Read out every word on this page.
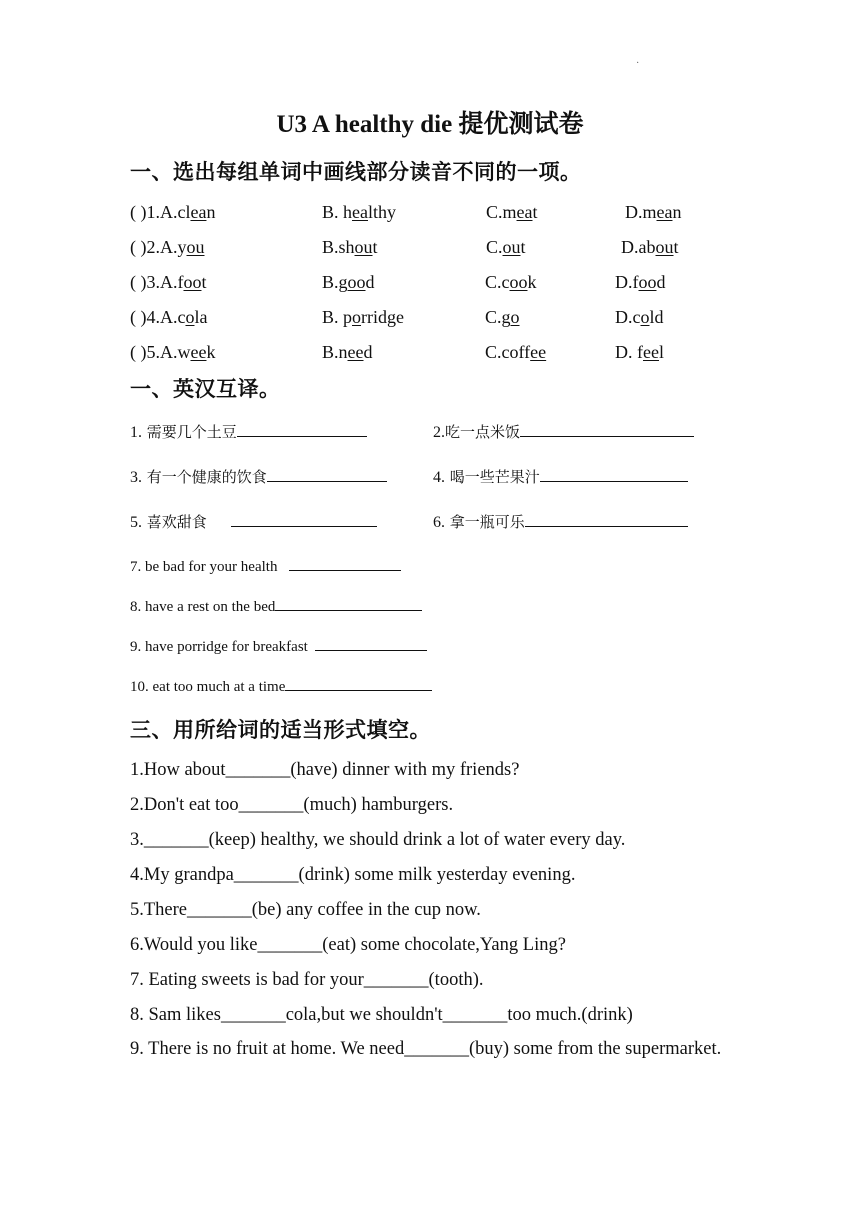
·
U3 A healthy die 提优测试卷
一、选出每组单词中画线部分读音不同的一项。
( )1.A.clean	B. healthy	C.meat	D.mean
( )2.A.you	B.shout	C.out	D.about
( )3.A.foot	B.good	C.cook	D.food
( )4.A.cola	B. porridge	C.go	D.cold
( )5.A.week	B.need	C.coffee	D. feel
一、英汉互译。
1. 需要几个土豆	2.吃一点米饭
3. 有一个健康的饮食	4. 喝一些芒果汁
5. 喜欢甜食	6. 拿一瓶可乐
7. be bad for your health
8. have a rest on the bed
9. have porridge for breakfast
10. eat too much at a time
三、用所给词的适当形式填空。
1.How about_______(have) dinner with my friends?
2.Don't eat too_______(much) hamburgers.
3._______(keep) healthy, we should drink a lot of water every day.
4.My grandpa_______(drink) some milk yesterday evening.
5.There_______(be) any coffee in the cup now.
6.Would you like_______(eat) some chocolate,Yang Ling?
7. Eating sweets is bad for your_______(tooth).
8. Sam likes_______cola,but we shouldn't_______too much.(drink)
9. There is no fruit at home. We need_______(buy) some from the supermarket.
